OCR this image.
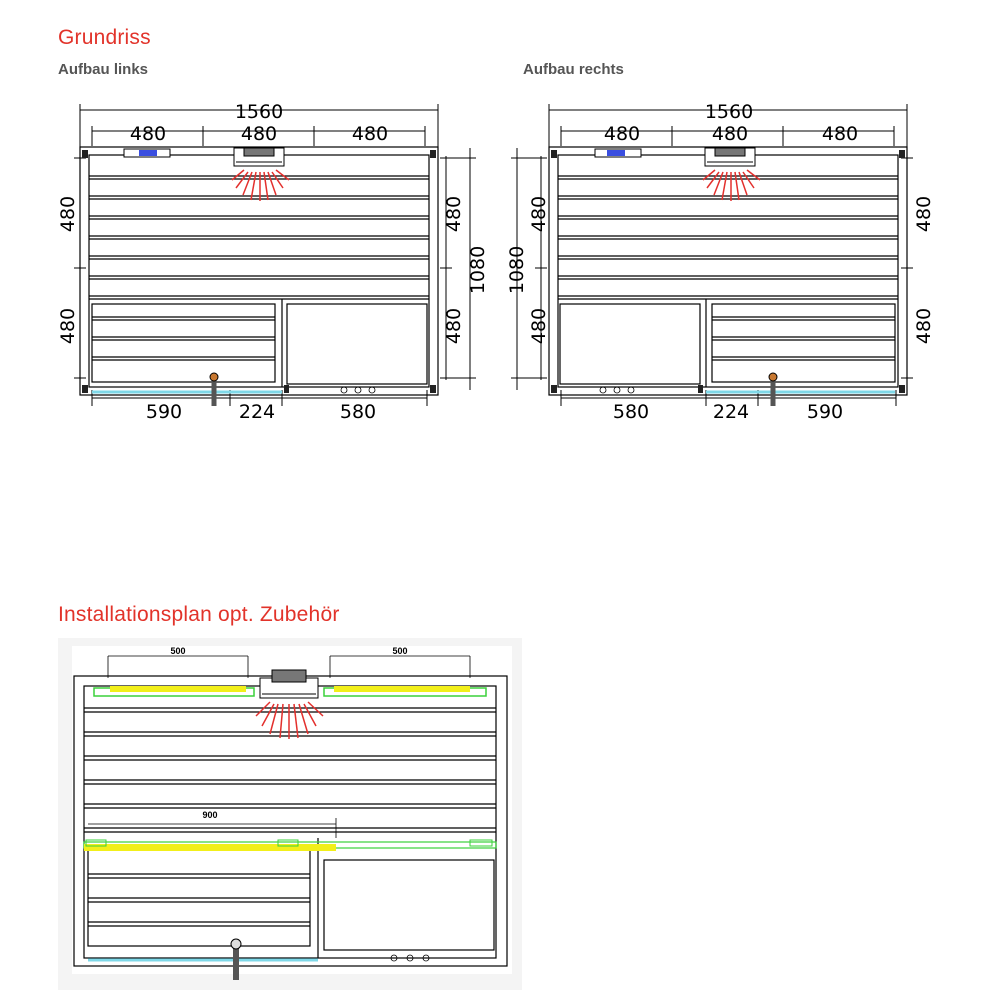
Grundriss
Aufbau links	Aufbau rechts
Installationsplan opt. Zubehör
1560
480	480	480
480
480
480
1080
480
590	224	580
1560
480	480	480
1080
480
480
480
480
580	224	590
500	500
900
